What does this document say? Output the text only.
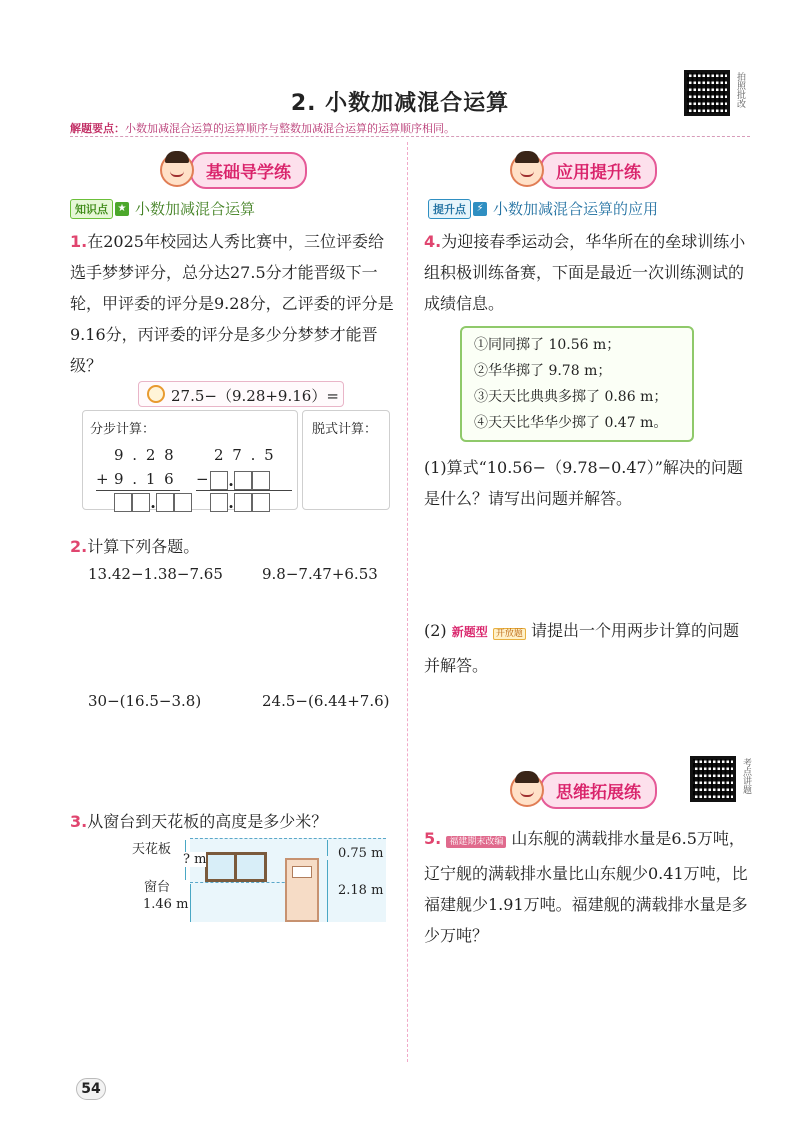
2. 小数加减混合运算	拍照批改
解题要点：小数加减混合运算的运算顺序与整数加减混合运算的运算顺序相同。
基础导学练
知识点 ★ 小数加减混合运算
1.在2025年校园达人秀比赛中，三位评委给选手梦梦评分，总分达27.5分才能晋级下一轮，甲评委的评分是9.28分，乙评委的评分是9.16分，丙评委的评分是多少分梦梦才能晋级？
27.5−（9.28+9.16）=
分步计算：	脱式计算：
9 . 2 8	2 7 . 5
+ 9 . 1 6 −	.
.	.
2.计算下列各题。
13.42−1.38−7.65	9.8−7.47+6.53
30−(16.5−3.8)	24.5−(6.44+7.6)
3.从窗台到天花板的高度是多少米？
天花板
窗台
? m
1.46 m
0.75 m
2.18 m
应用提升练
提升点	⚡ 小数加减混合运算的应用
4.为迎接春季运动会，华华所在的垒球训练小组积极训练备赛，下面是最近一次训练测试的成绩信息。
①同同掷了 10.56 m；
②华华掷了 9.78 m；
③天天比典典多掷了 0.86 m；
④天天比华华少掷了 0.47 m。
(1)算式“10.56−（9.78−0.47）”解决的问题是什么？请写出问题并解答。
(2) 新题型 开放题 请提出一个用两步计算的问题并解答。
考点讲题
思维拓展练
5. 福建期末改编 山东舰的满载排水量是6.5万吨，辽宁舰的满载排水量比山东舰少0.41万吨，比福建舰少1.91万吨。福建舰的满载排水量是多少万吨？
54
